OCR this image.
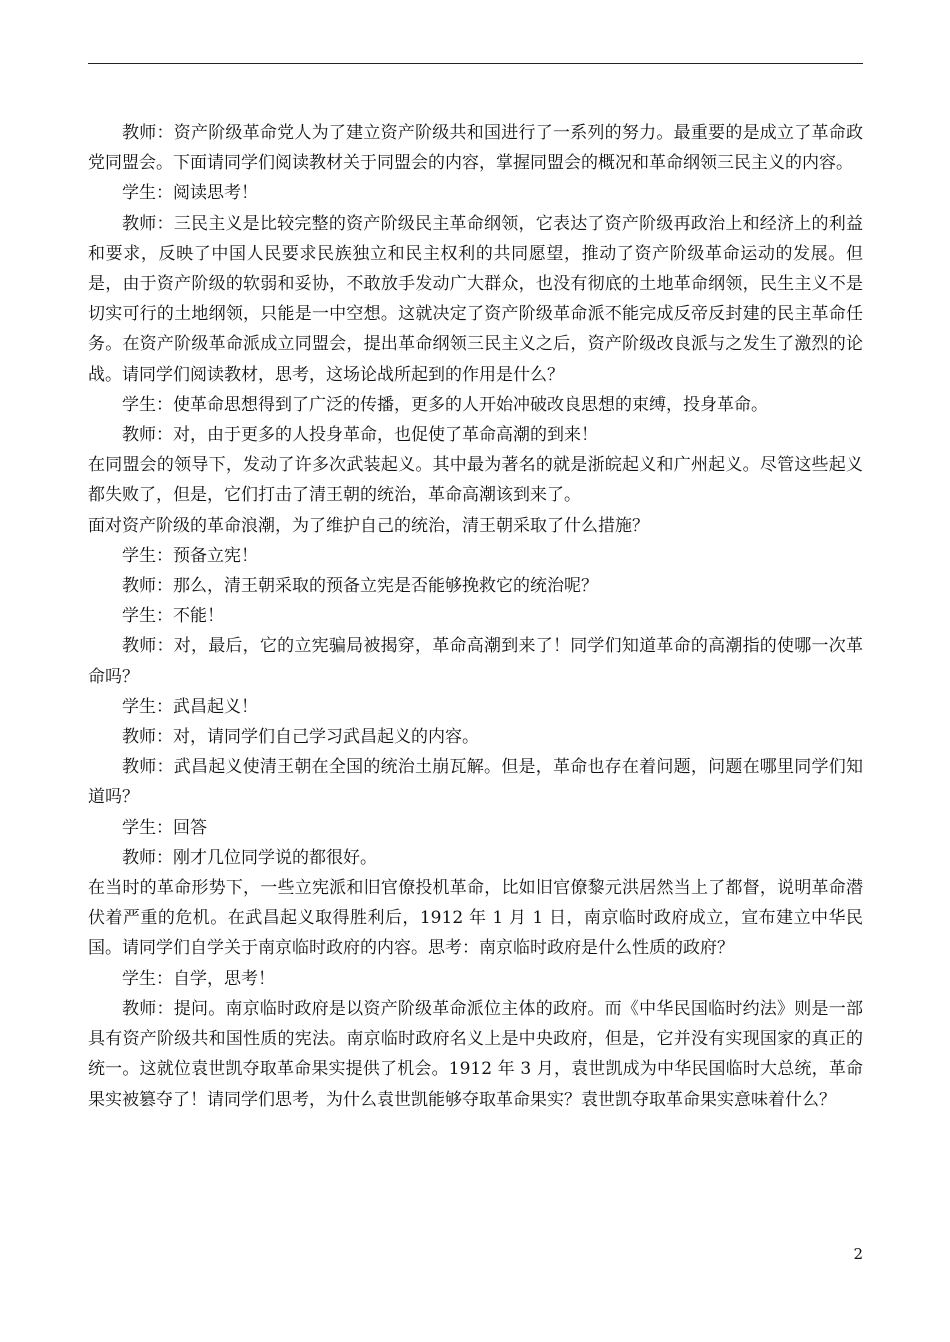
教师：资产阶级革命党人为了建立资产阶级共和国进行了一系列的努力。最重要的是成立了革命政党同盟会。下面请同学们阅读教材关于同盟会的内容，掌握同盟会的概况和革命纲领三民主义的内容。

学生：阅读思考！

教师：三民主义是比较完整的资产阶级民主革命纲领，它表达了资产阶级再政治上和经济上的利益和要求，反映了中国人民要求民族独立和民主权利的共同愿望，推动了资产阶级革命运动的发展。但是，由于资产阶级的软弱和妥协，不敢放手发动广大群众，也没有彻底的土地革命纲领，民生主义不是切实可行的土地纲领，只能是一中空想。这就决定了资产阶级革命派不能完成反帝反封建的民主革命任务。在资产阶级革命派成立同盟会，提出革命纲领三民主义之后，资产阶级改良派与之发生了激烈的论战。请同学们阅读教材，思考，这场论战所起到的作用是什么？

学生：使革命思想得到了广泛的传播，更多的人开始冲破改良思想的束缚，投身革命。

教师：对，由于更多的人投身革命，也促使了革命高潮的到来！

在同盟会的领导下，发动了许多次武装起义。其中最为著名的就是浙皖起义和广州起义。尽管这些起义都失败了，但是，它们打击了清王朝的统治，革命高潮该到来了。

面对资产阶级的革命浪潮，为了维护自己的统治，清王朝采取了什么措施？

学生：预备立宪！

教师：那么，清王朝采取的预备立宪是否能够挽救它的统治呢？

学生：不能！

教师：对，最后，它的立宪骗局被揭穿，革命高潮到来了！同学们知道革命的高潮指的使哪一次革命吗？

学生：武昌起义！

教师：对，请同学们自己学习武昌起义的内容。

教师：武昌起义使清王朝在全国的统治土崩瓦解。但是，革命也存在着问题，问题在哪里同学们知道吗？

学生：回答

教师：刚才几位同学说的都很好。

在当时的革命形势下，一些立宪派和旧官僚投机革命，比如旧官僚黎元洪居然当上了都督，说明革命潜伏着严重的危机。在武昌起义取得胜利后，1912 年 1 月 1 日，南京临时政府成立，宣布建立中华民国。请同学们自学关于南京临时政府的内容。思考：南京临时政府是什么性质的政府？

学生：自学，思考！

教师：提问。南京临时政府是以资产阶级革命派位主体的政府。而《中华民国临时约法》则是一部具有资产阶级共和国性质的宪法。南京临时政府名义上是中央政府，但是，它并没有实现国家的真正的统一。这就位袁世凯夺取革命果实提供了机会。1912 年 3 月，袁世凯成为中华民国临时大总统，革命果实被篡夺了！请同学们思考，为什么袁世凯能够夺取革命果实？袁世凯夺取革命果实意味着什么？

2
